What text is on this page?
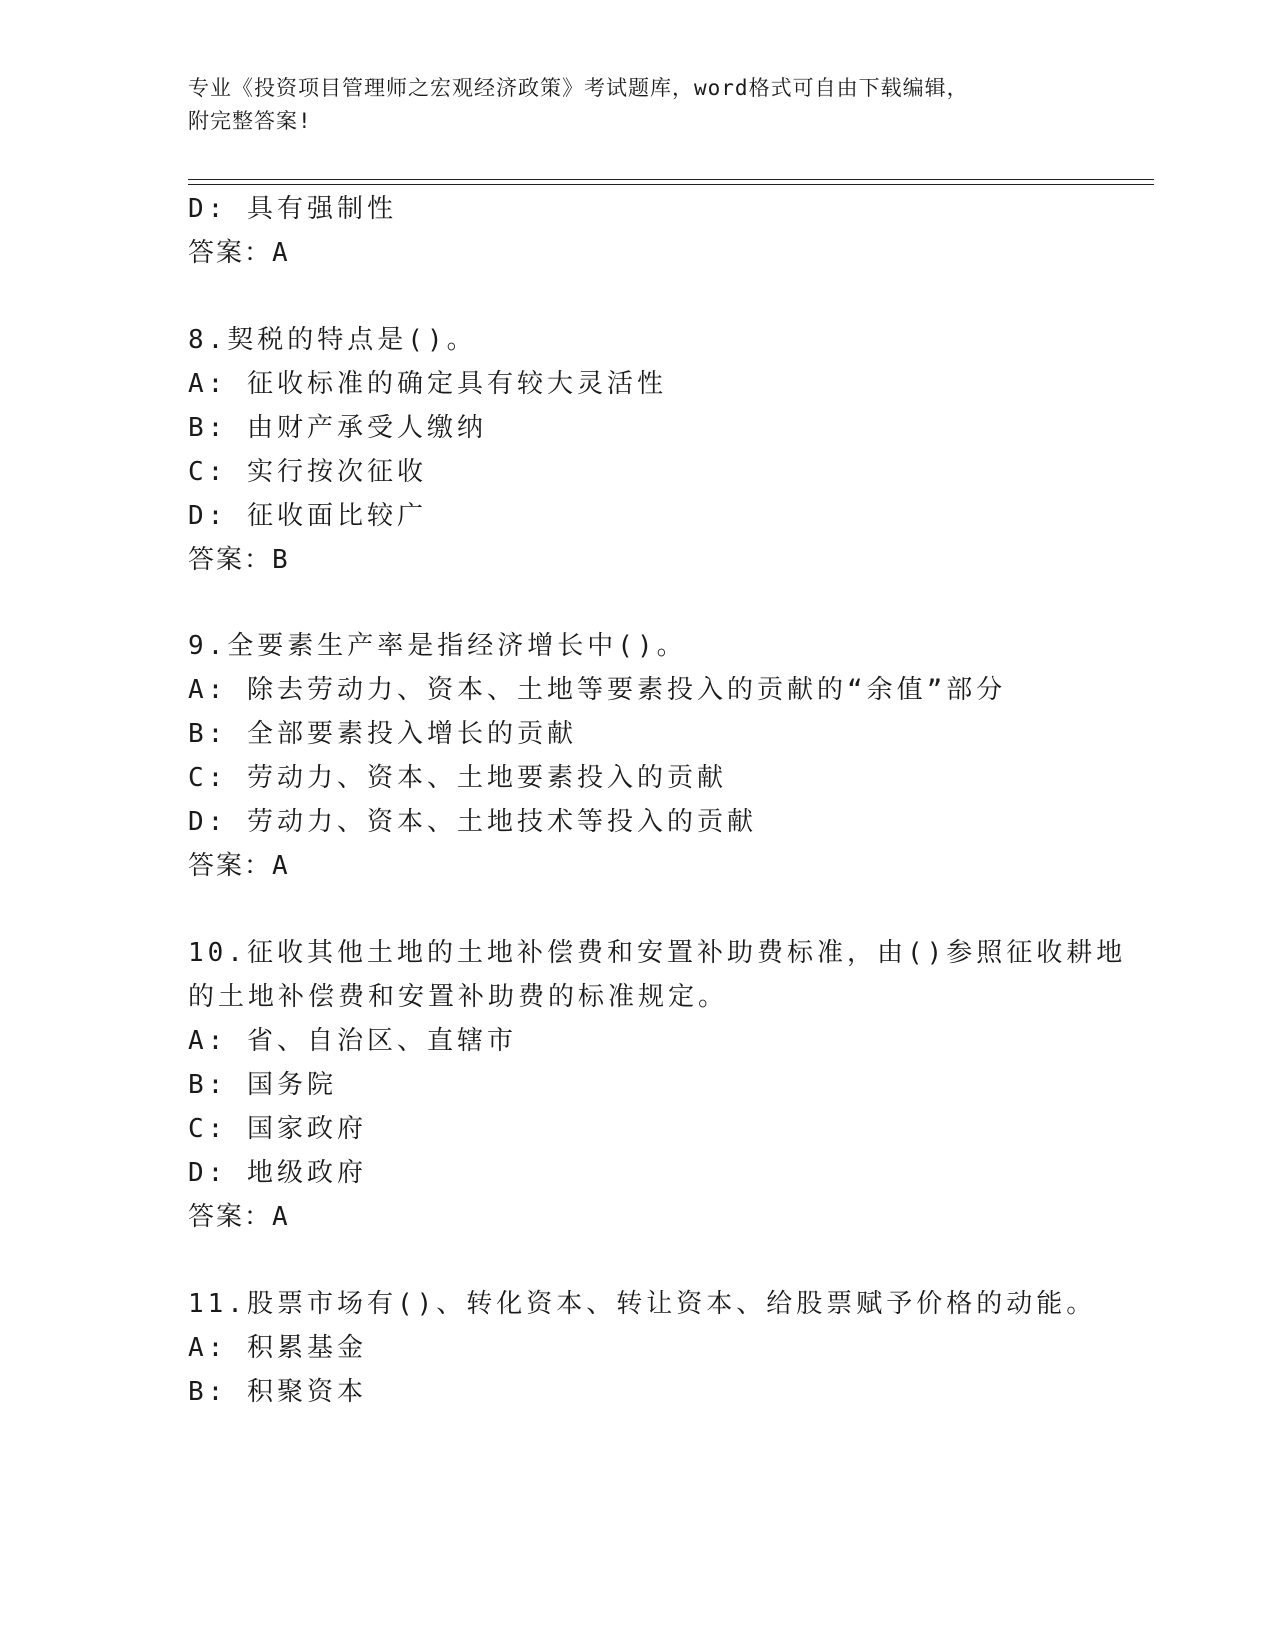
专业《投资项目管理师之宏观经济政策》考试题库，word格式可自由下载编辑，
附完整答案!
D: 具有强制性
答案：A
8.契税的特点是()。
A: 征收标准的确定具有较大灵活性
B: 由财产承受人缴纳
C: 实行按次征收
D: 征收面比较广
答案：B
9.全要素生产率是指经济增长中()。
A: 除去劳动力、资本、土地等要素投入的贡献的“余值”部分
B: 全部要素投入增长的贡献
C: 劳动力、资本、土地要素投入的贡献
D: 劳动力、资本、土地技术等投入的贡献
答案：A
10.征收其他土地的土地补偿费和安置补助费标准，由()参照征收耕地
的土地补偿费和安置补助费的标准规定。
A: 省、自治区、直辖市
B: 国务院
C: 国家政府
D: 地级政府
答案：A
11.股票市场有()、转化资本、转让资本、给股票赋予价格的动能。
A: 积累基金
B: 积聚资本
